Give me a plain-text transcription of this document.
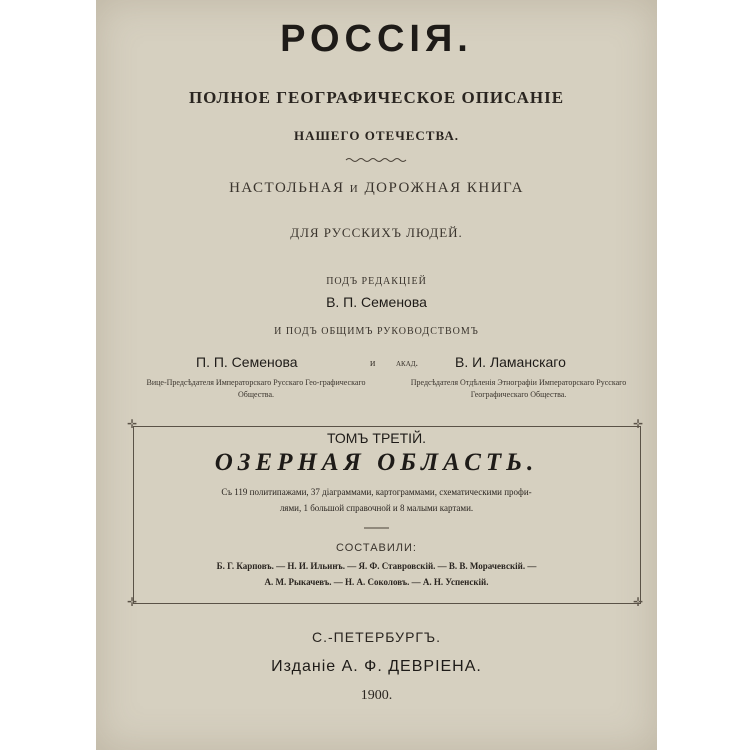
РОССІЯ.
ПОЛНОЕ ГЕОГРАФИЧЕСКОЕ ОПИСАНІЕ
НАШЕГО ОТЕЧЕСТВА.
НАСТОЛЬНАЯ и ДОРОЖНАЯ КНИГА
ДЛЯ РУССКИХЪ ЛЮДЕЙ.
ПОДЪ РЕДАКЦІЕЙ
В. П. Семенова
И ПОДЪ ОБЩИМЪ РУКОВОДСТВОМЪ
П. П. Семенова	и акад.	В. И. Ламанскаго
Вице-Предсѣдателя Императорскаго Русскаго Гео-графическаго Общества.
Предсѣдателя Отдѣленія Этнографіи Императорскаго Русскаго Географическаго Общества.
✛	✛
✛	✛
ТОМЪ ТРЕТІЙ.
ОЗЕРНАЯ ОБЛАСТЬ.
Съ 119 политипажами, 37 діаграммами, картограммами, схематическими профи-
лями, 1 большой справочной и 8 малыми картами.
СОСТАВИЛИ:
Б. Г. Карповъ. — Н. И. Ильинъ. — Я. Ф. Ставровскій. — В. В. Морачевскій. —
А. М. Рыкачевъ. — Н. А. Соколовъ. — А. Н. Успенскій.
С.-ПЕТЕРБУРГЪ.
Изданіе А. Ф. ДЕВРІЕНА.
1900.
